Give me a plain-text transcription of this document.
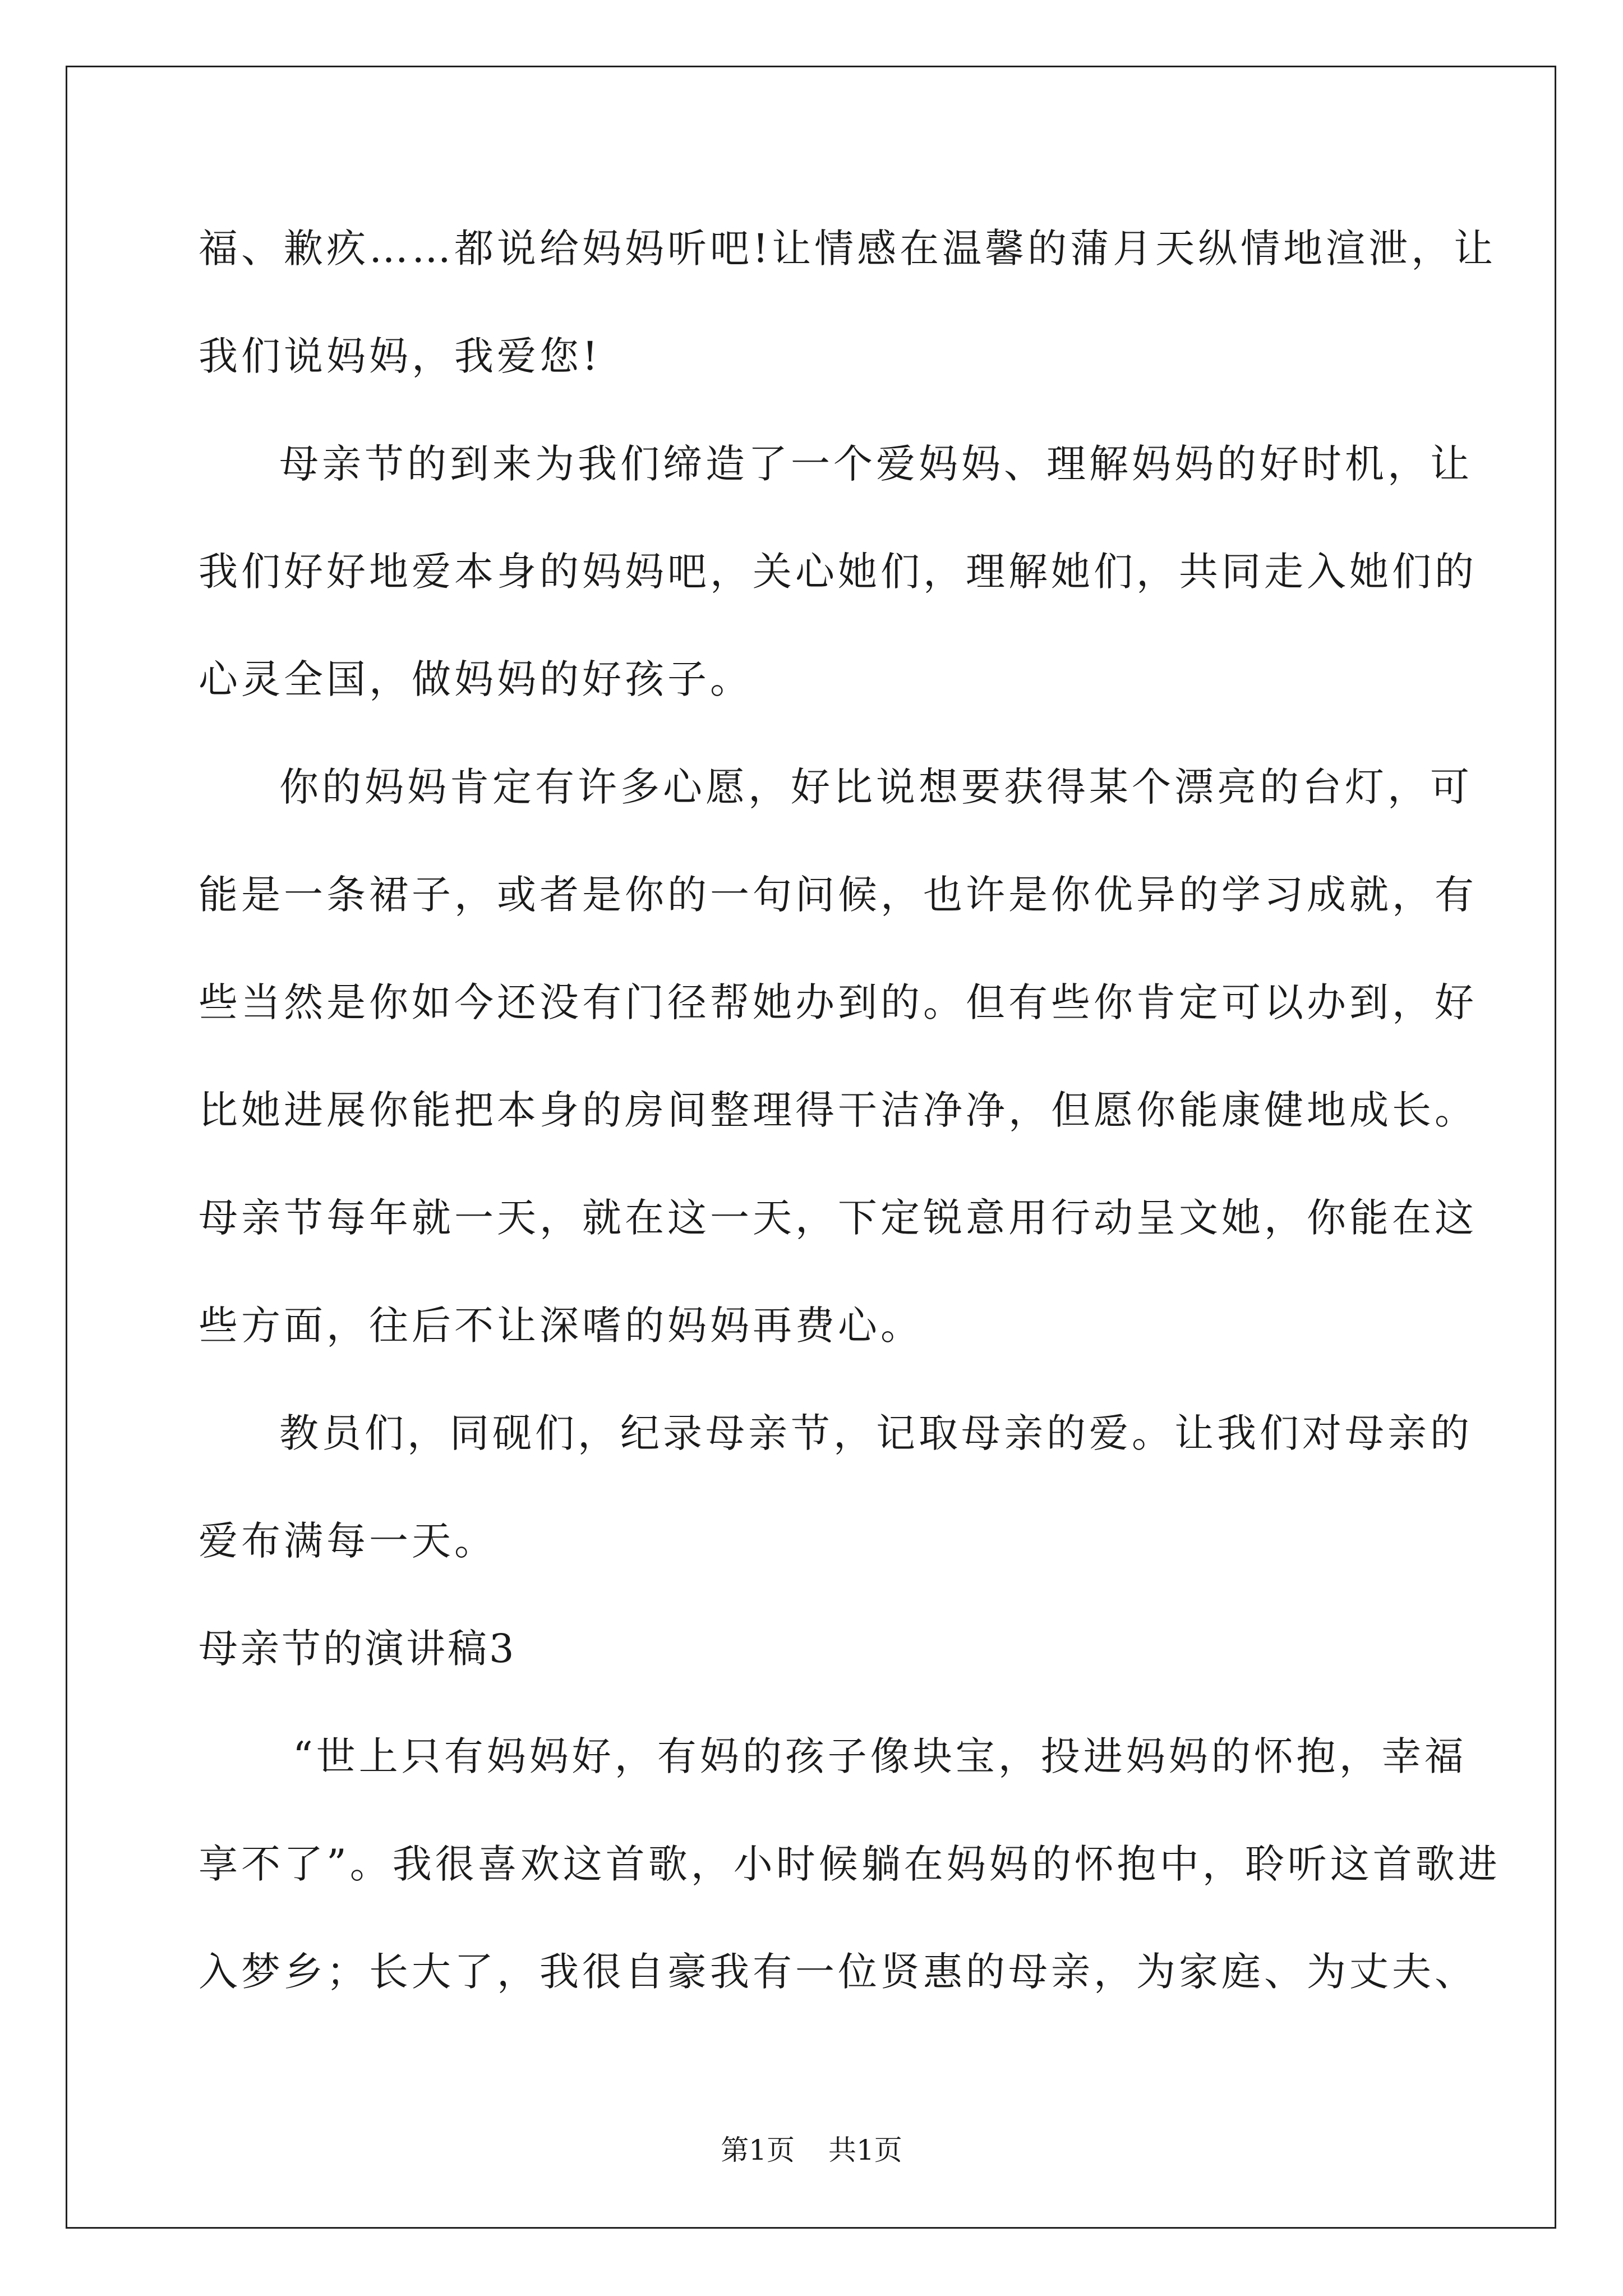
福、歉疚……都说给妈妈听吧!让情感在温馨的蒲月天纵情地渲泄，让
我们说妈妈，我爱您!
母亲节的到来为我们缔造了一个爱妈妈、理解妈妈的好时机，让
我们好好地爱本身的妈妈吧，关心她们，理解她们，共同走入她们的
心灵全国，做妈妈的好孩子。
你的妈妈肯定有许多心愿，好比说想要获得某个漂亮的台灯，可
能是一条裙子，或者是你的一句问候，也许是你优异的学习成就，有
些当然是你如今还没有门径帮她办到的。但有些你肯定可以办到，好
比她进展你能把本身的房间整理得干洁净净，但愿你能康健地成长。
母亲节每年就一天，就在这一天，下定锐意用行动呈文她，你能在这
些方面，往后不让深嗜的妈妈再费心。
教员们，同砚们，纪录母亲节，记取母亲的爱。让我们对母亲的
爱布满每一天。
母亲节的演讲稿3
“世上只有妈妈好，有妈的孩子像块宝，投进妈妈的怀抱，幸福
享不了”。我很喜欢这首歌，小时候躺在妈妈的怀抱中，聆听这首歌进
入梦乡；长大了，我很自豪我有一位贤惠的母亲，为家庭、为丈夫、
第1页 共1页
